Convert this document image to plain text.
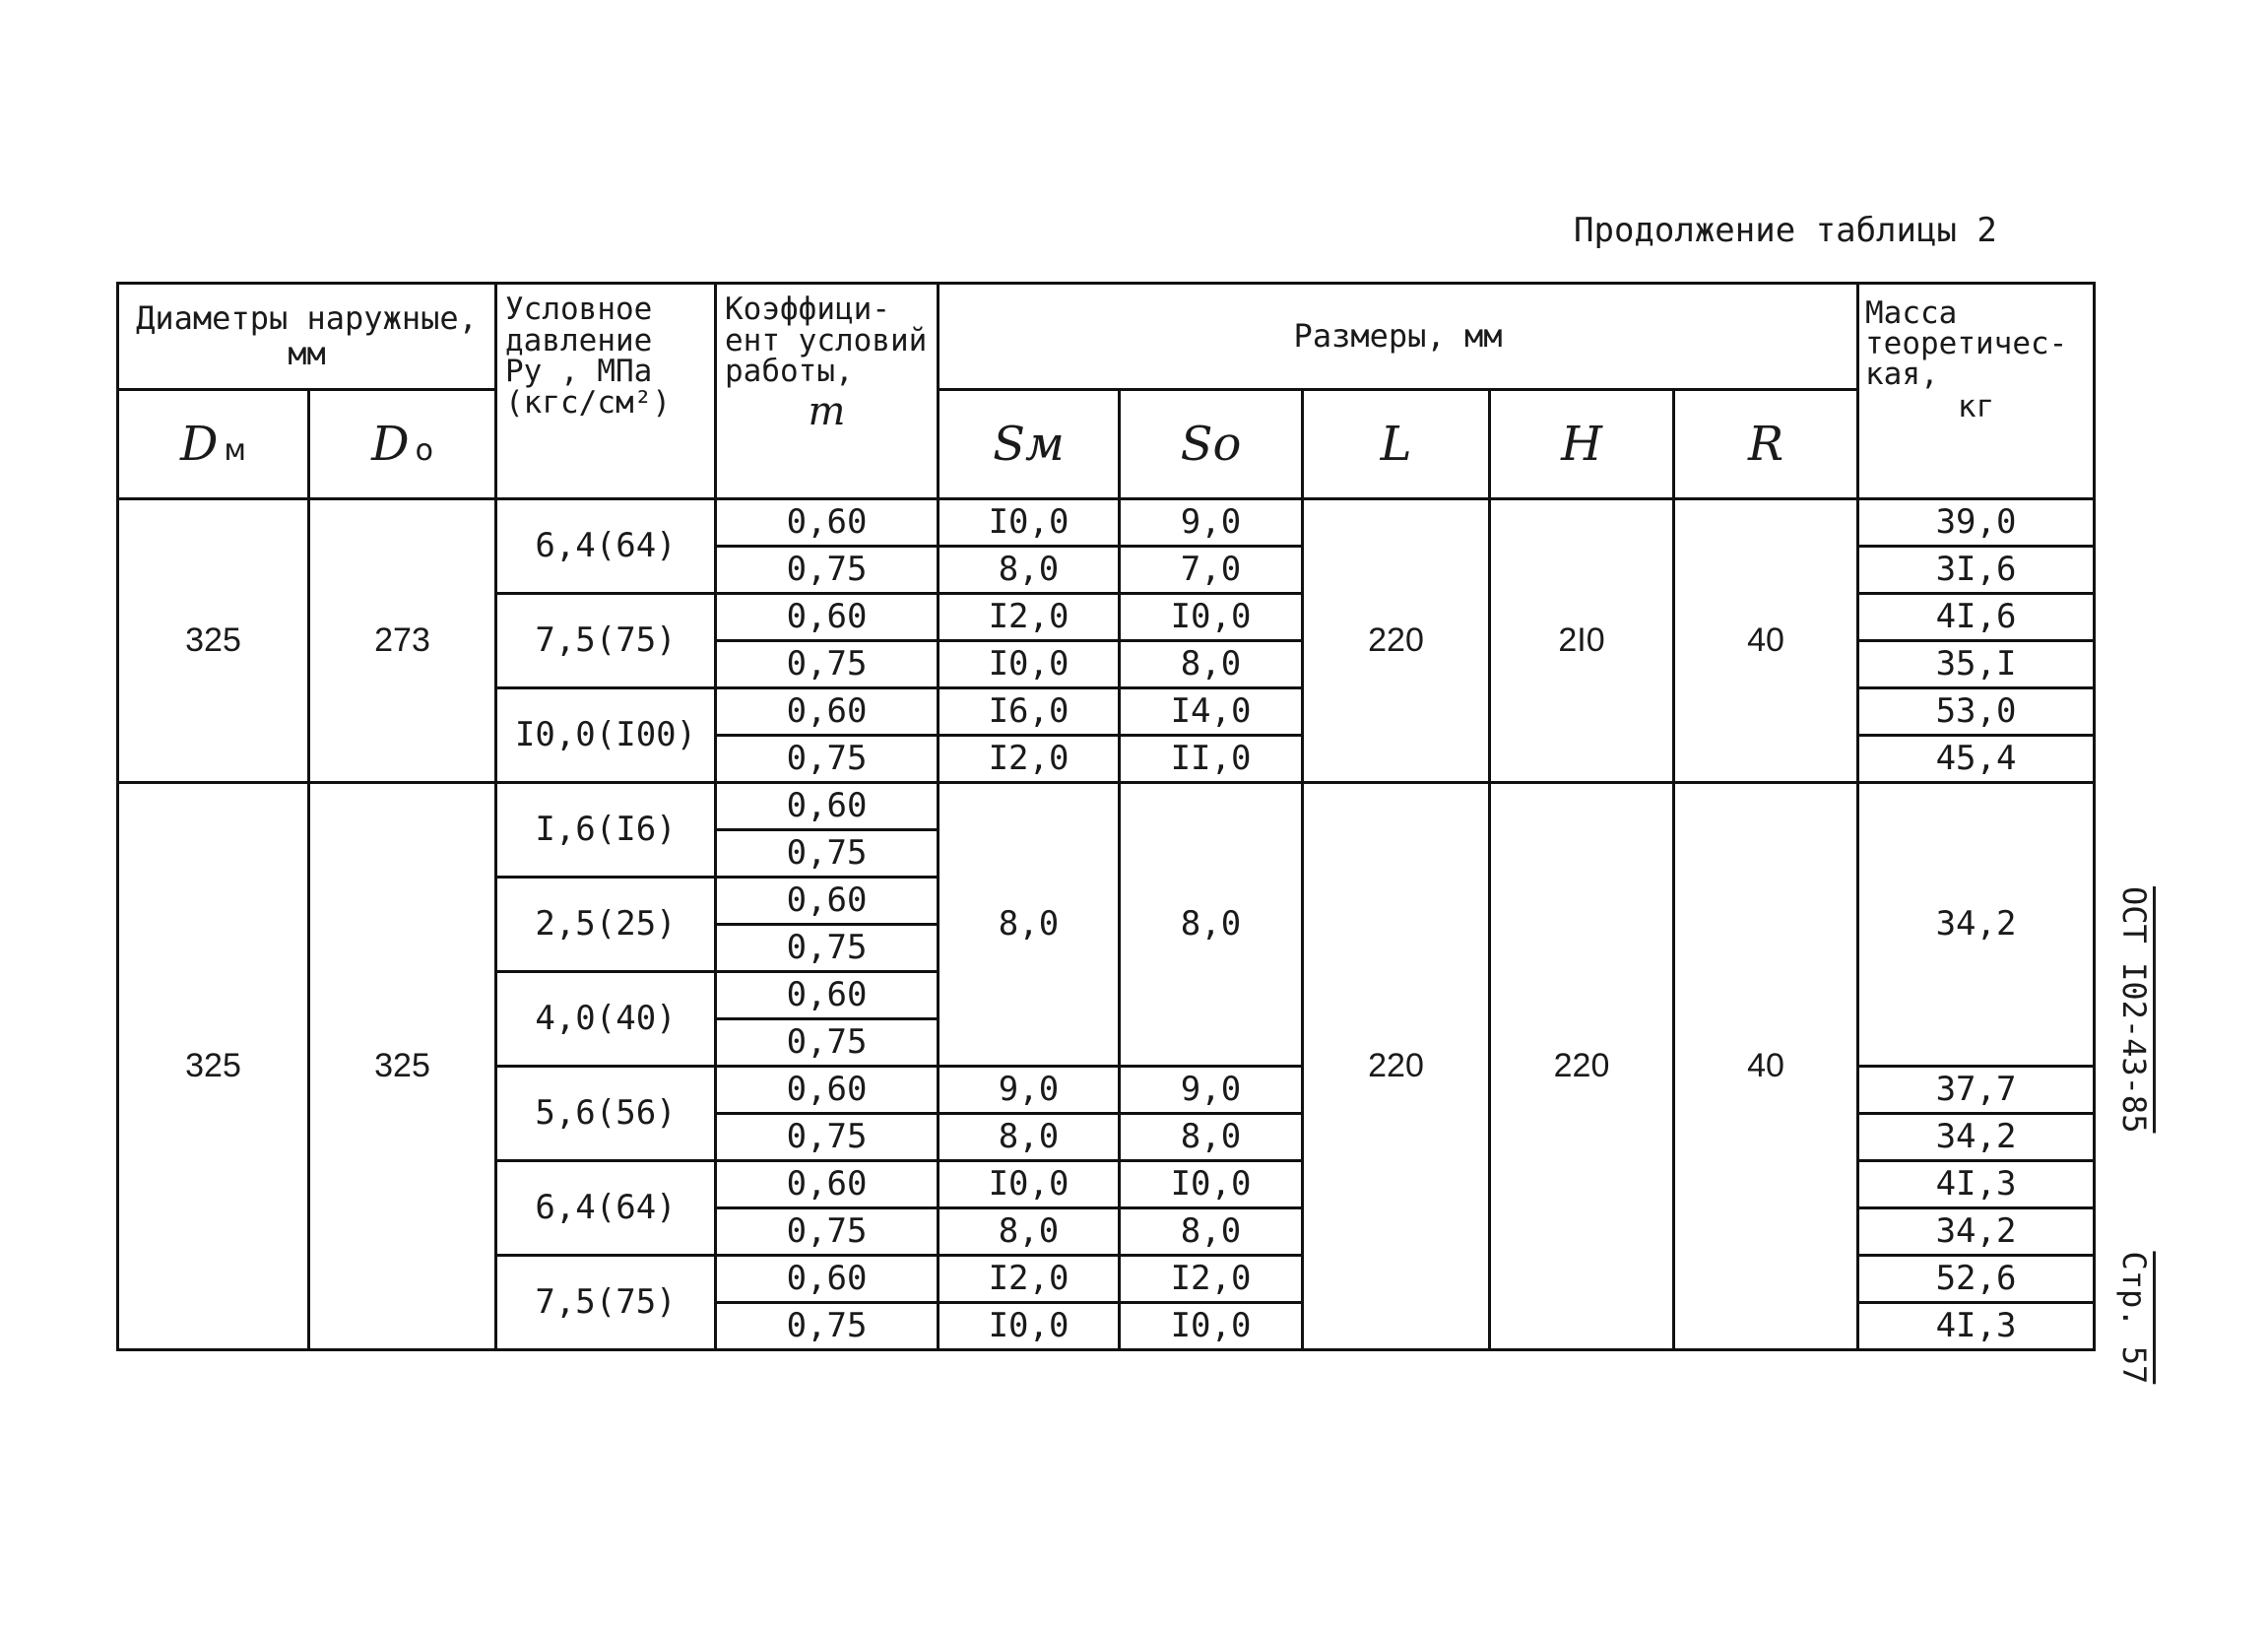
Продолжение таблицы 2
Диаметры наружные, мм		Условное давление Py , МПа (кгс/см²)	Коэффици- ент условий работы,
m	Размеры, мм					Масса теоретичес- кая,
кг

D м	D о			Sм	Sо	L	H	R	
325	273	6,4(64)	0,60	I0,0	9,0	220	2I0	40	39,0
			0,75	8,0	7,0				3I,6
		7,5(75)	0,60	I2,0	I0,0				4I,6
			0,75	I0,0	8,0				35,I
		I0,0(I00)	0,60	I6,0	I4,0				53,0
			0,75	I2,0	II,0				45,4
325	325	I,6(I6)	0,60	8,0	8,0	220	220	40	34,2
			0,75						
		2,5(25)	0,60						
			0,75						
		4,0(40)	0,60						
			0,75						
		5,6(56)	0,60	9,0	9,0				37,7
			0,75	8,0	8,0				34,2
		6,4(64)	0,60	I0,0	I0,0				4I,3
			0,75	8,0	8,0				34,2
		7,5(75)	0,60	I2,0	I2,0				52,6
			0,75	I0,0	I0,0				4I,3
ОСТ I02-43-85Стр. 57
